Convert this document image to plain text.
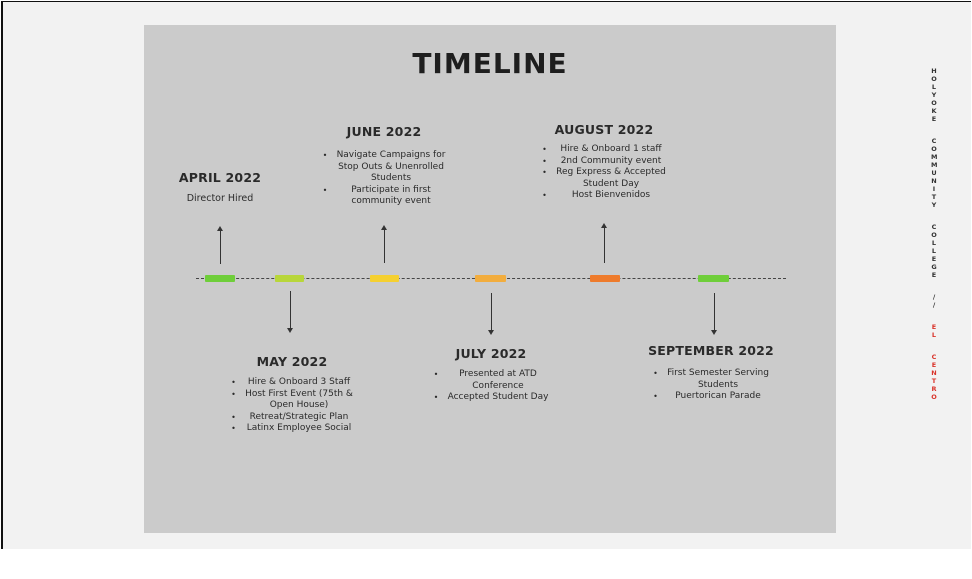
TIMELINE
APRIL 2022
Director Hired
MAY 2022
• Hire & Onboard 3 Staff
• Host First Event (75th &
Open House)
• Retreat/Strategic Plan
• Latinx Employee Social
JUNE 2022
• Navigate Campaigns for
Stop Outs & Unenrolled
Students
• Participate in first
community event
JULY 2022
• Presented at ATD
Conference
• Accepted Student Day
AUGUST 2022
• Hire & Onboard 1 staff
• 2nd Community event
• Reg Express & Accepted
Student Day
• Host Bienvenidos
SEPTEMBER 2022
• First Semester Serving
Students
• Puertorican Parade
H
O
L
Y
O
K
E
C
O
M
M
U
N
I
T
Y
C
O
L
L
E
G
E
/
/
E
L
C
E
N
T
R
O
